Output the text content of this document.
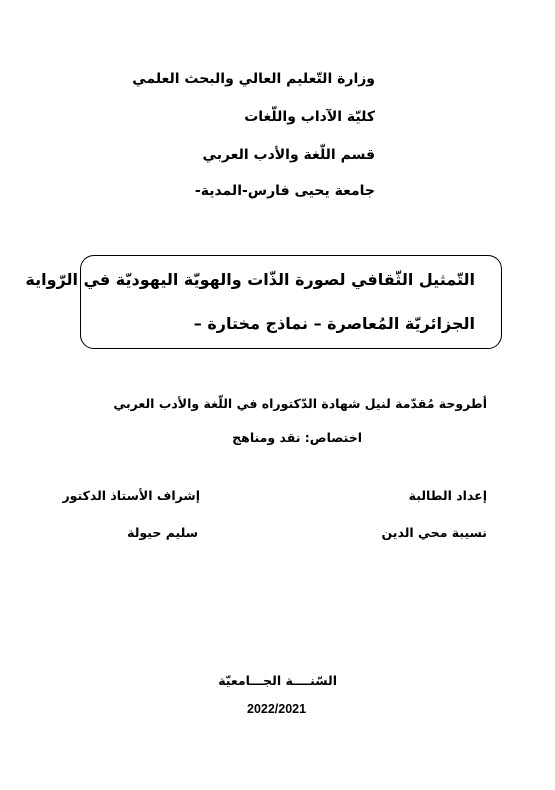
وزارة التّعليم العالي والبحث العلمي
كليّة الآداب واللّغات
قسم اللّغة والأدب العربي
جامعة يحيى فارس-المدية-
التّمثيل الثّقافي لصورة الذّات والهويّة اليهوديّة في الرّواية
الجزائريّة المُعاصرة – نماذج مختارة –
أطروحة مُقدّمة لنيل شهادة الدّكتوراه في اللّغة والأدب العربي
اختصاص: نقد ومناهج
إعداد الطالبة
إشراف الأستاذ الدكتور
نسيبة محي الدين
سليم حيولة
السّنــــة الجـــامعيّة
2022/2021
